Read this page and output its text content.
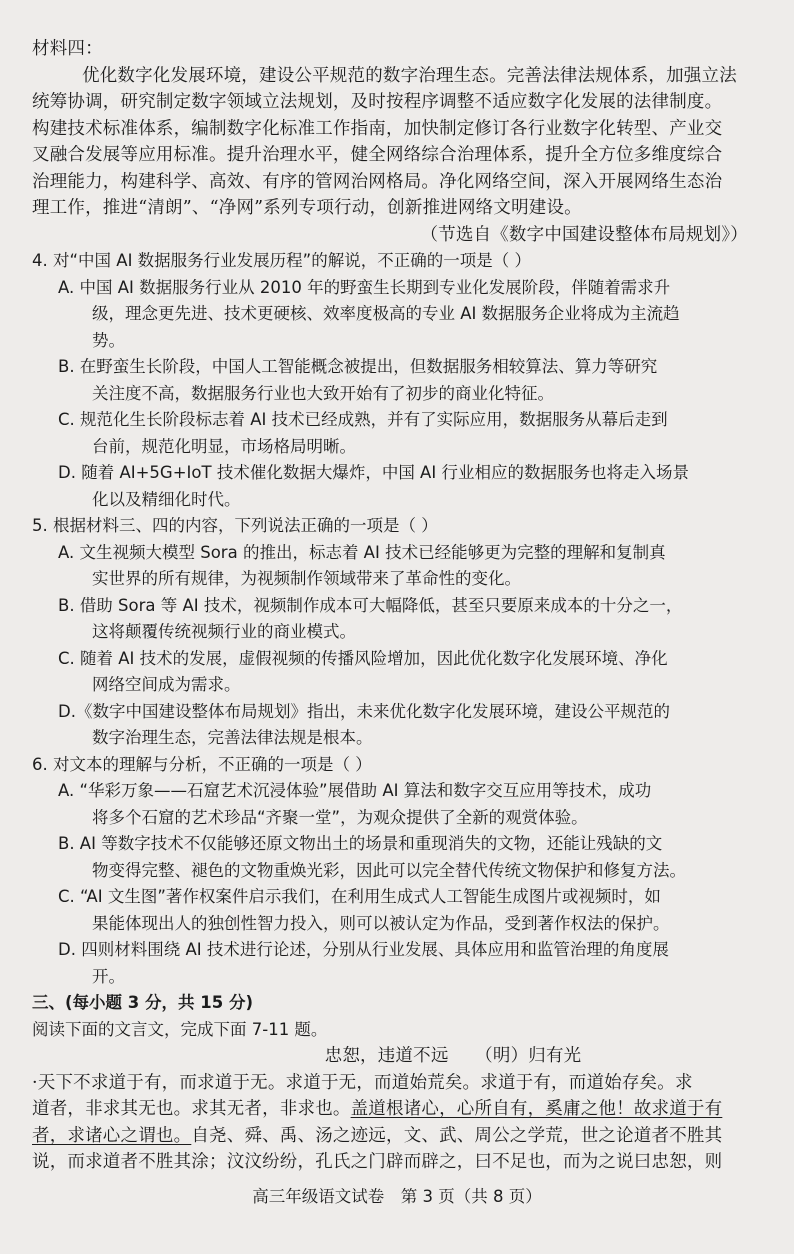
材料四：
优化数字化发展环境，建设公平规范的数字治理生态。完善法律法规体系，加强立法
统筹协调，研究制定数字领域立法规划，及时按程序调整不适应数字化发展的法律制度。
构建技术标准体系，编制数字化标准工作指南，加快制定修订各行业数字化转型、产业交
叉融合发展等应用标准。提升治理水平，健全网络综合治理体系，提升全方位多维度综合
治理能力，构建科学、高效、有序的管网治网格局。净化网络空间，深入开展网络生态治
理工作，推进“清朗”、“净网”系列专项行动，创新推进网络文明建设。
（节选自《数字中国建设整体布局规划》）
4. 对“中国 AI 数据服务行业发展历程”的解说，不正确的一项是（ ）
A. 中国 AI 数据服务行业从 2010 年的野蛮生长期到专业化发展阶段，伴随着需求升
级，理念更先进、技术更硬核、效率度极高的专业 AI 数据服务企业将成为主流趋
势。
B. 在野蛮生长阶段，中国人工智能概念被提出，但数据服务相较算法、算力等研究
关注度不高，数据服务行业也大致开始有了初步的商业化特征。
C. 规范化生长阶段标志着 AI 技术已经成熟，并有了实际应用，数据服务从幕后走到
台前，规范化明显，市场格局明晰。
D. 随着 AI+5G+IoT 技术催化数据大爆炸，中国 AI 行业相应的数据服务也将走入场景
化以及精细化时代。
5. 根据材料三、四的内容，下列说法正确的一项是（ ）
A. 文生视频大模型 Sora 的推出，标志着 AI 技术已经能够更为完整的理解和复制真
实世界的所有规律，为视频制作领域带来了革命性的变化。
B. 借助 Sora 等 AI 技术，视频制作成本可大幅降低，甚至只要原来成本的十分之一，
这将颠覆传统视频行业的商业模式。
C. 随着 AI 技术的发展，虚假视频的传播风险增加，因此优化数字化发展环境、净化
网络空间成为需求。
D.《数字中国建设整体布局规划》指出，未来优化数字化发展环境，建设公平规范的
数字治理生态，完善法律法规是根本。
6. 对文本的理解与分析，不正确的一项是（ ）
A. “华彩万象——石窟艺术沉浸体验”展借助 AI 算法和数字交互应用等技术，成功
将多个石窟的艺术珍品“齐聚一堂”，为观众提供了全新的观赏体验。
B. AI 等数字技术不仅能够还原文物出土的场景和重现消失的文物，还能让残缺的文
物变得完整、褪色的文物重焕光彩，因此可以完全替代传统文物保护和修复方法。
C. “AI 文生图”著作权案件启示我们，在利用生成式人工智能生成图片或视频时，如
果能体现出人的独创性智力投入，则可以被认定为作品，受到著作权法的保护。
D. 四则材料围绕 AI 技术进行论述，分别从行业发展、具体应用和监管治理的角度展
开。
三、(每小题 3 分，共 15 分)
阅读下面的文言文，完成下面 7-11 题。
忠恕，违道不远　　（明）归有光
·天下不求道于有，而求道于无。求道于无，而道始荒矣。求道于有，而道始存矣。求
道者，非求其无也。求其无者，非求也。盖道根诸心，心所自有，奚庸之他！故求道于有
者，求诸心之谓也。自尧、舜、禹、汤之迹远，文、武、周公之学荒，世之论道者不胜其
说，而求道者不胜其涂；汶汶纷纷，孔氏之门辟而辟之，曰不足也，而为之说曰忠恕，则
高三年级语文试卷　第 3 页（共 8 页）
